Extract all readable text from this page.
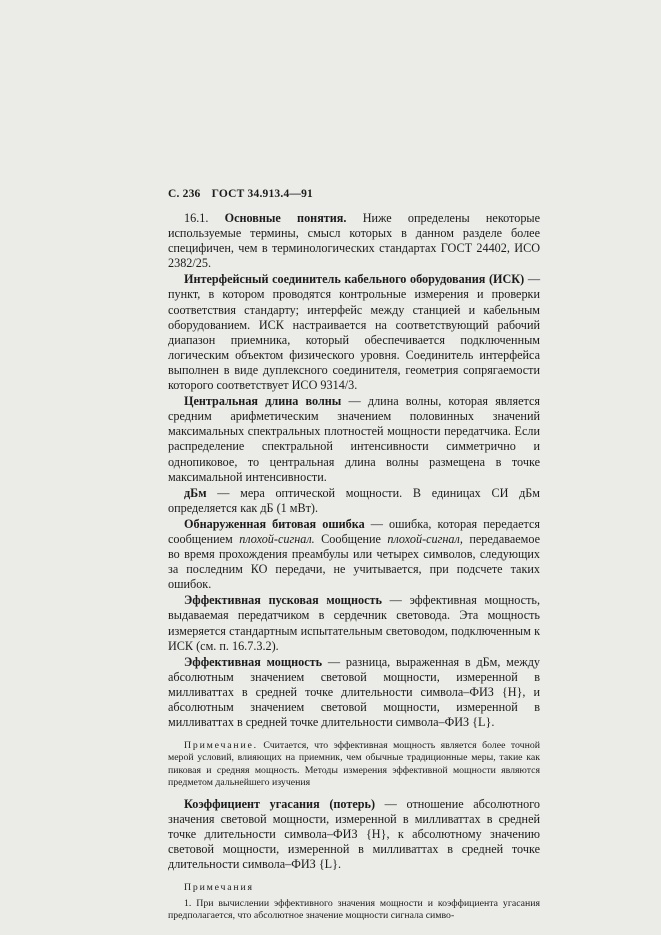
С. 236 ГОСТ 34.913.4—91

16.1. Основные понятия. Ниже определены некоторые используемые термины, смысл которых в данном разделе более специфичен, чем в терминологических стандартах ГОСТ 24402, ИСО 2382/25.

Интерфейсный соединитель кабельного оборудования (ИСК) — пункт, в котором проводятся контрольные измерения и проверки соответствия стандарту; интерфейс между станцией и кабельным оборудованием. ИСК настраивается на соответствующий рабочий диапазон приемника, который обеспечивается подключенным логическим объектом физического уровня. Соединитель интерфейса выполнен в виде дуплексного соединителя, геометрия сопрягаемости которого соответствует ИСО 9314/3.

Центральная длина волны — длина волны, которая является средним арифметическим значением половинных значений максимальных спектральных плотностей мощности передатчика. Если распределение спектральной интенсивности симметрично и однопиковое, то центральная длина волны размещена в точке максимальной интенсивности.

дБм — мера оптической мощности. В единицах СИ дБм определяется как дБ (1 мВт).

Обнаруженная битовая ошибка — ошибка, которая передается сообщением плохой-сигнал. Сообщение плохой-сигнал, передаваемое во время прохождения преамбулы или четырех символов, следующих за последним КО передачи, не учитывается, при подсчете таких ошибок.

Эффективная пусковая мощность — эффективная мощность, выдаваемая передатчиком в сердечник световода. Эта мощность измеряется стандартным испытательным световодом, подключенным к ИСК (см. п. 16.7.3.2).

Эффективная мощность — разница, выраженная в дБм, между абсолютным значением световой мощности, измеренной в милливаттах в средней точке длительности символа–ФИЗ {H}, и абсолютным значением световой мощности, измеренной в милливаттах в средней точке длительности символа–ФИЗ {L}.

Примечание. Считается, что эффективная мощность является более точной мерой условий, влияющих на приемник, чем обычные традиционные меры, такие как пиковая и средняя мощность. Методы измерения эффективной мощности являются предметом дальнейшего изучения

Коэффициент угасания (потерь) — отношение абсолютного значения световой мощности, измеренной в милливаттах в средней точке длительности символа–ФИЗ {H}, к абсолютному значению световой мощности, измеренной в милливаттах в средней точке длительности символа–ФИЗ {L}.

Примечания

1. При вычислении эффективного значения мощности и коэффициента угасания предполагается, что абсолютное значение мощности сигнала симво-
